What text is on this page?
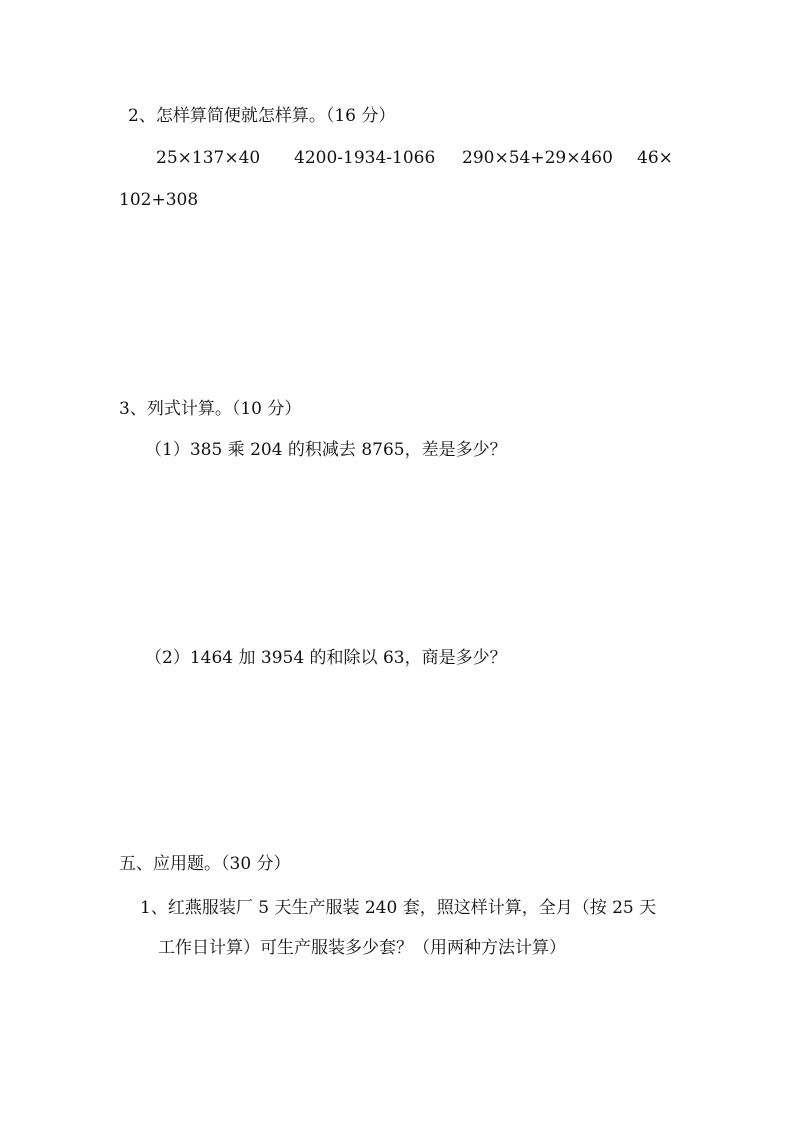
2、怎样算简便就怎样算。（16 分）
25×137×40 4200-1934-1066 290×54+29×460 46×
102+308
3、列式计算。（10 分）
（1）385 乘 204 的积减去 8765，差是多少？
（2）1464 加 3954 的和除以 63，商是多少？
五、应用题。（30 分）
1、红燕服装厂 5 天生产服装 240 套，照这样计算，全月（按 25 天
工作日计算）可生产服装多少套？（用两种方法计算）
